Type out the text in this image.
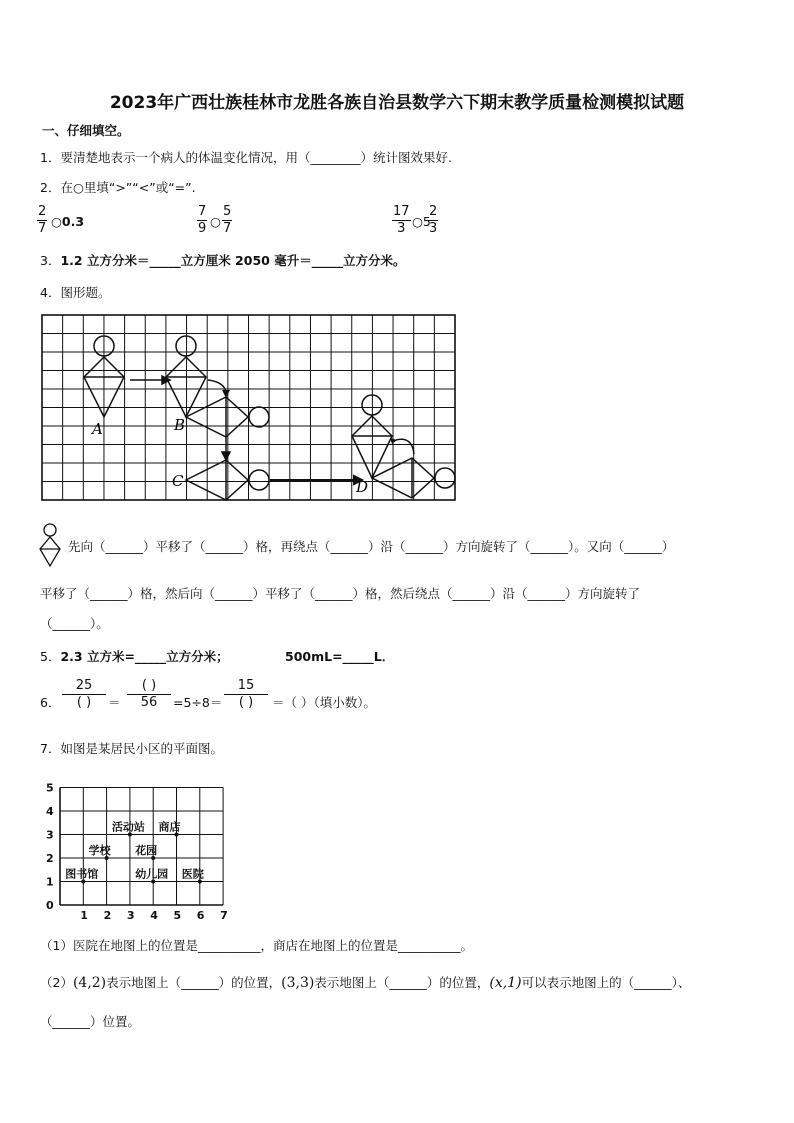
2023年广西壮族桂林市龙胜各族自治县数学六下期末教学质量检测模拟试题
一、仔细填空。
1．要清楚地表示一个病人的体温变化情况，用（________）统计图效果好.
2．在○里填“>”“<”或“=”.
$\frac{2}{7}$ ○0.3	$\frac{7}{9}$ ○ $\frac{5}{7}$	$\frac{17}{3}$ ○5
$\frac{2}{3}$
3．1.2 立方分米＝_____立方厘米 2050 毫升＝_____立方分米。
4．图形题。
A	B
C	D
先向（______）平移了（______）格，再绕点（______）沿（______）方向旋转了（______）。又向（______）
平移了（______）格，然后向（______）平移了（______）格，然后绕点（______）沿（______）方向旋转了
（______）。
5．2.3 立方米=_____立方分米；	500mL=_____L．
6．
25
( )	＝
( )
56	=5÷8＝
15
( )	＝（ ）（填小数）。
7．如图是某居民小区的平面图。
0
1
2
3
4
5
1 2 3 4 5 6 7
活动站 商店
花园
学校
医院
图书馆	幼儿园
（1）医院在地图上的位置是__________，商店在地图上的位置是__________。
（2）(4,2)表示地图上（______）的位置，(3,3)表示地图上（______）的位置，(x,1)可以表示地图上的（______）、
（______）位置。
